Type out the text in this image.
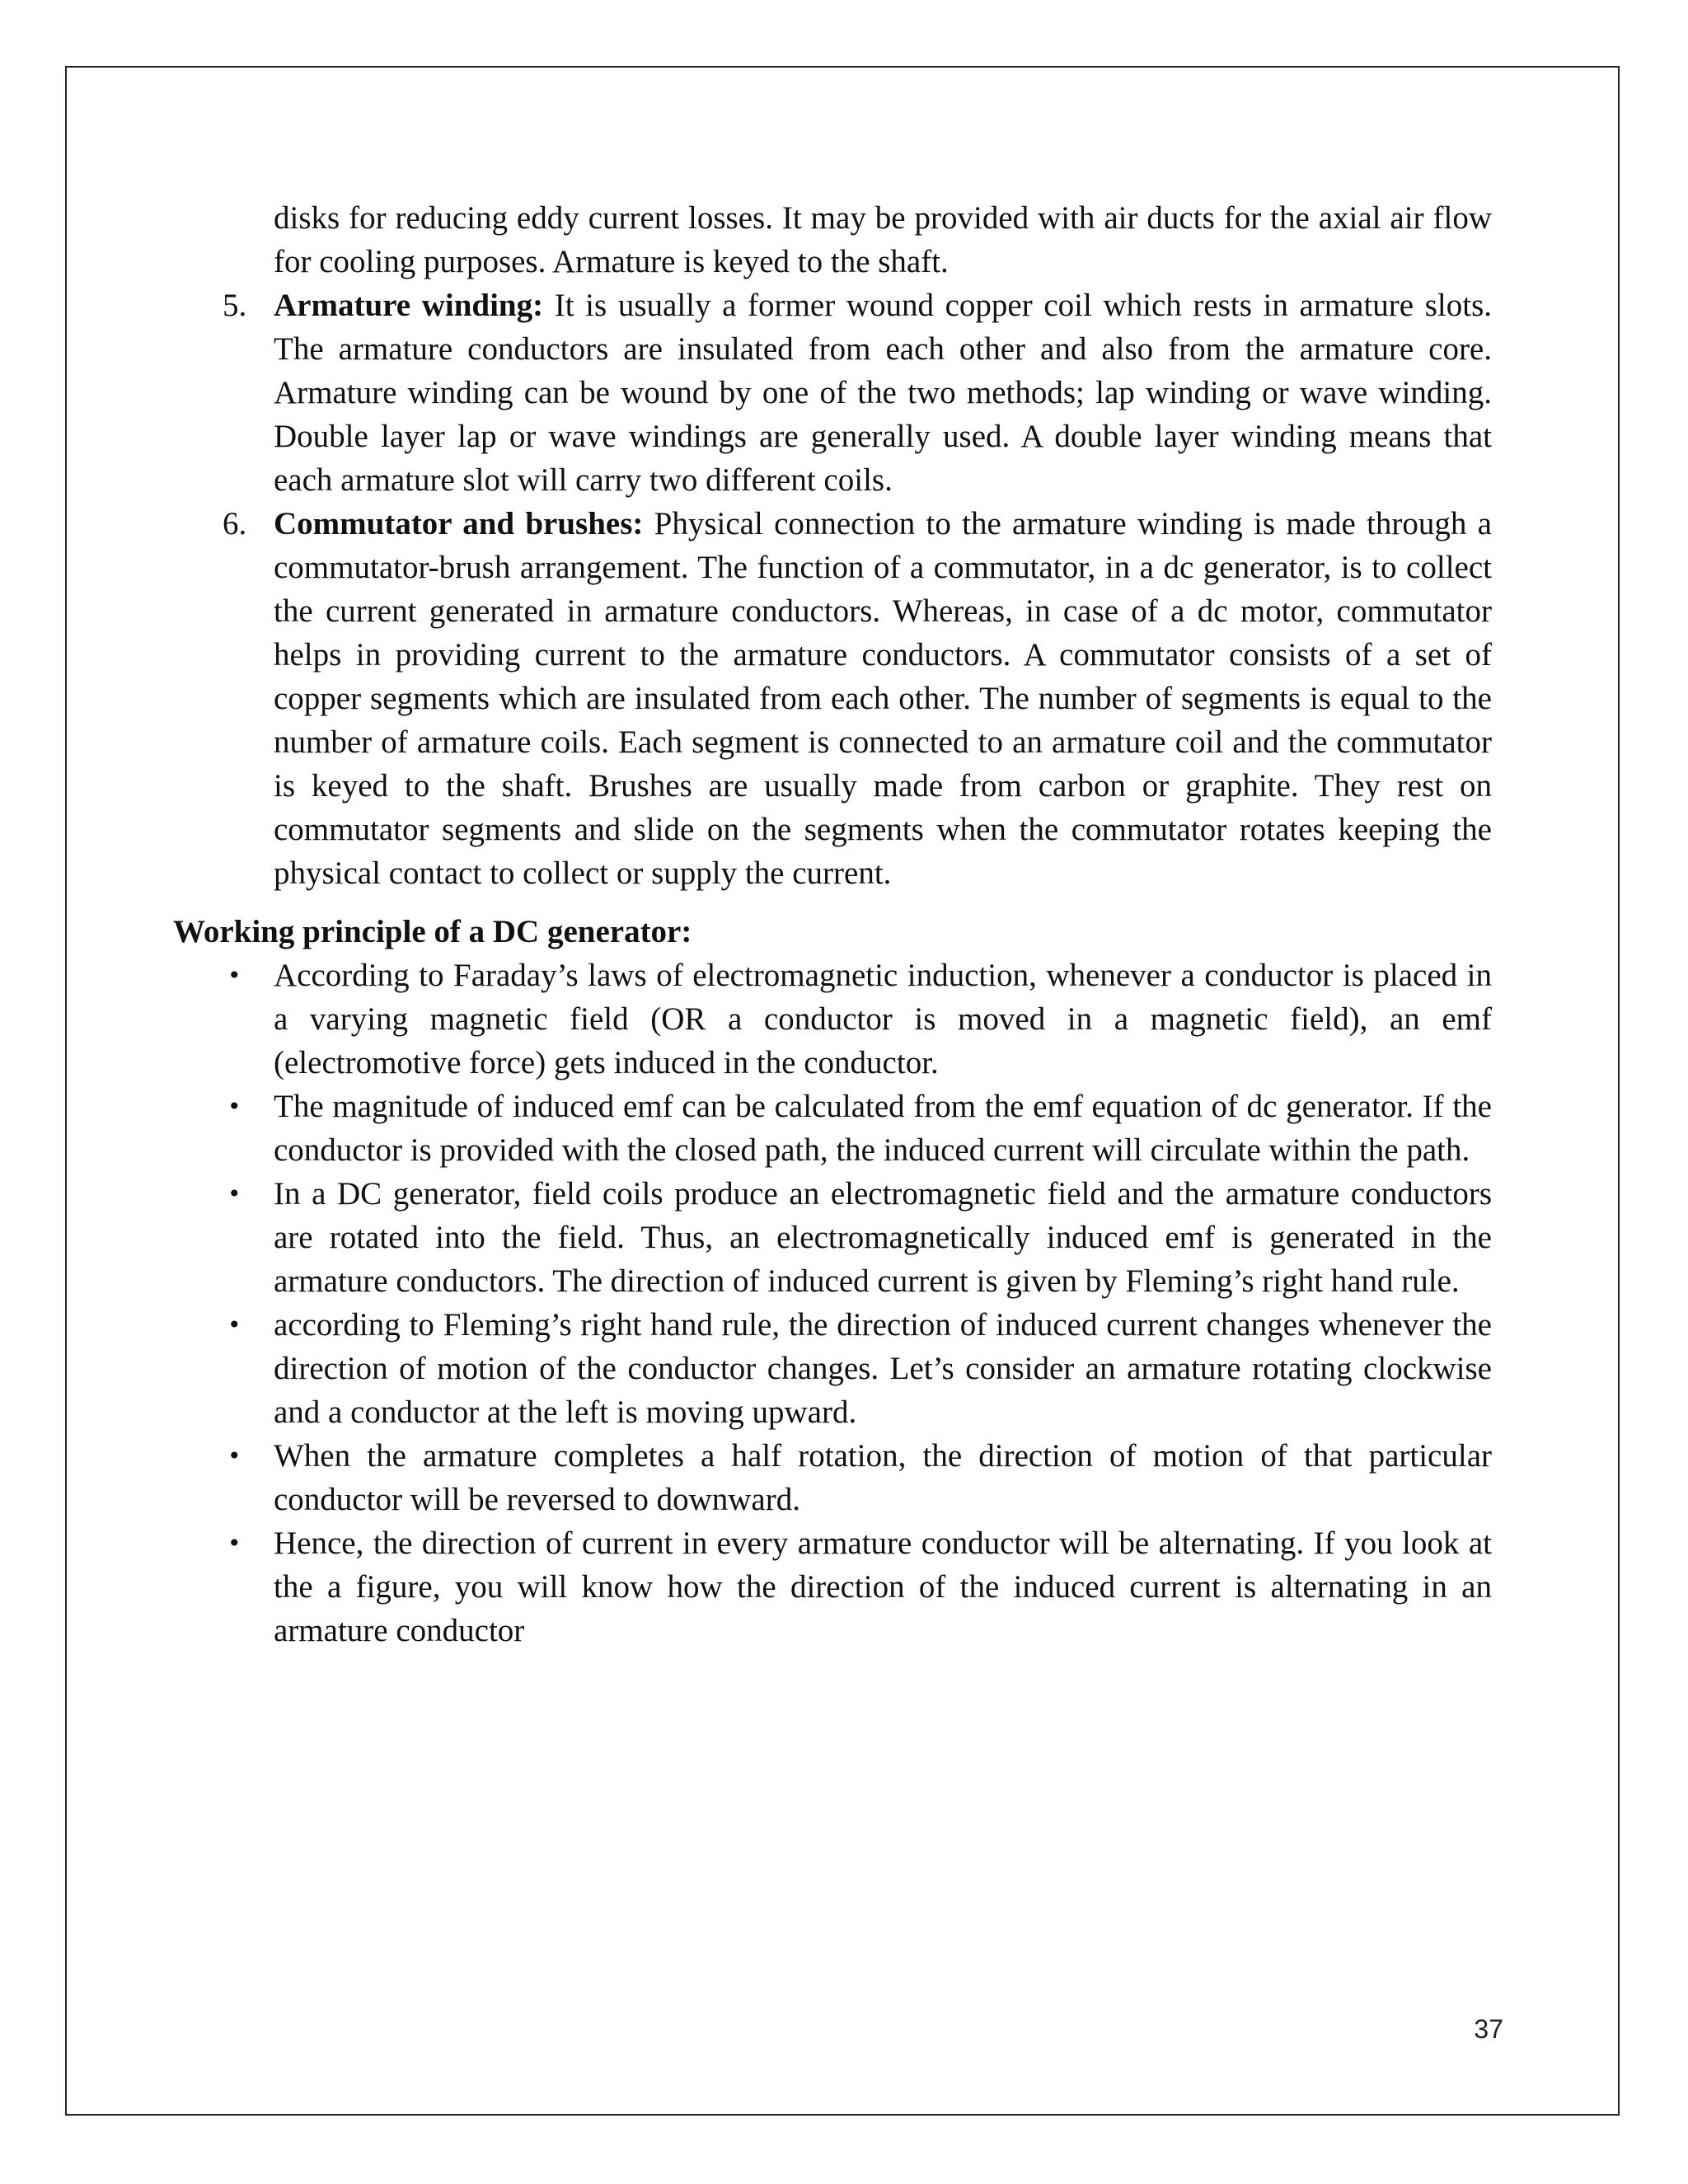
disks for reducing eddy current losses. It may be provided with air ducts for the axial air flow for cooling purposes. Armature is keyed to the shaft.

5. Armature winding: It is usually a former wound copper coil which rests in armature slots. The armature conductors are insulated from each other and also from the armature core. Armature winding can be wound by one of the two methods; lap winding or wave winding. Double layer lap or wave windings are generally used. A double layer winding means that each armature slot will carry two different coils.

6. Commutator and brushes: Physical connection to the armature winding is made through a commutator-brush arrangement. The function of a commutator, in a dc generator, is to collect the current generated in armature conductors. Whereas, in case of a dc motor, commutator helps in providing current to the armature conductors. A commutator consists of a set of copper segments which are insulated from each other. The number of segments is equal to the number of armature coils. Each segment is connected to an armature coil and the commutator is keyed to the shaft. Brushes are usually made from carbon or graphite. They rest on commutator segments and slide on the segments when the commutator rotates keeping the physical contact to collect or supply the current.

Working principle of a DC generator:

• According to Faraday’s laws of electromagnetic induction, whenever a conductor is placed in a varying magnetic field (OR a conductor is moved in a magnetic field), an emf (electromotive force) gets induced in the conductor.

• The magnitude of induced emf can be calculated from the emf equation of dc generator. If the conductor is provided with the closed path, the induced current will circulate within the path.

• In a DC generator, field coils produce an electromagnetic field and the armature conductors are rotated into the field. Thus, an electromagnetically induced emf is generated in the armature conductors. The direction of induced current is given by Fleming’s right hand rule.

• according to Fleming’s right hand rule, the direction of induced current changes whenever the direction of motion of the conductor changes. Let’s consider an armature rotating clockwise and a conductor at the left is moving upward.

• When the armature completes a half rotation, the direction of motion of that particular conductor will be reversed to downward.

• Hence, the direction of current in every armature conductor will be alternating. If you look at the a figure, you will know how the direction of the induced current is alternating in an armature conductor

37
